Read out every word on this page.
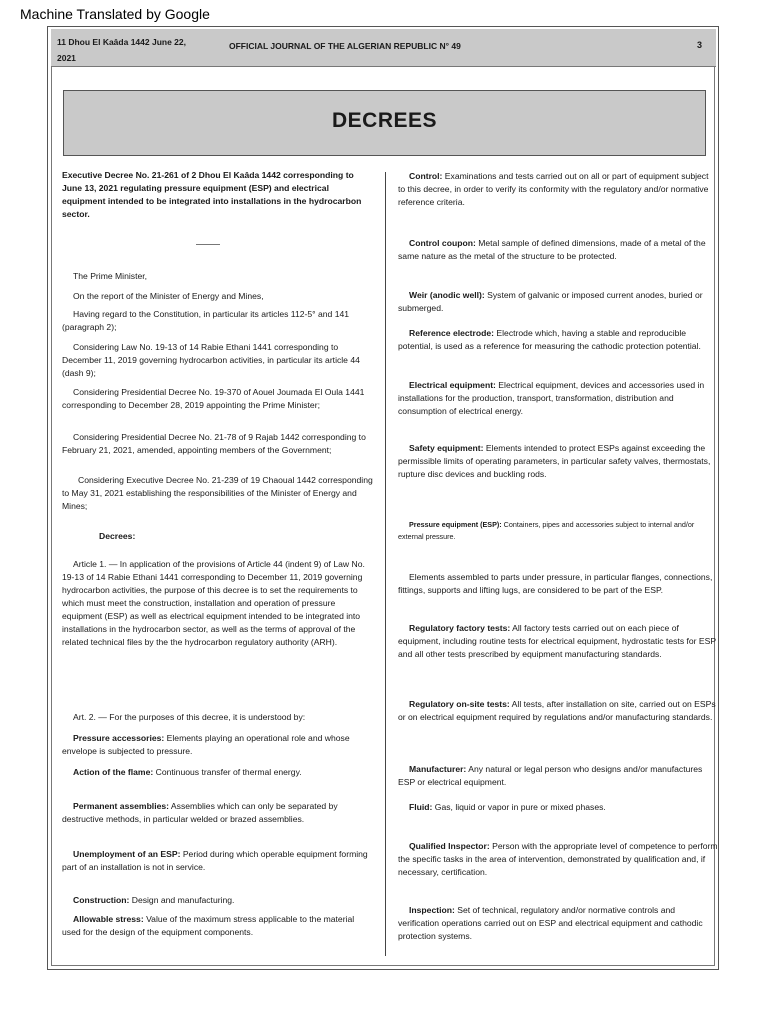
Machine Translated by Google
11 Dhou El Kaâda 1442 June 22, 2021
OFFICIAL JOURNAL OF THE ALGERIAN REPUBLIC N° 49	3
DECREES

Executive Decree No. 21-261 of 2 Dhou El Kaâda 1442 corresponding to June 13, 2021 regulating pressure equipment (ESP) and electrical equipment intended to be integrated into installations in the hydrocarbon sector.

The Prime Minister,

On the report of the Minister of Energy and Mines,

Having regard to the Constitution, in particular its articles 112-5° and 141 (paragraph 2);

Considering Law No. 19-13 of 14 Rabie Ethani 1441 corresponding to December 11, 2019 governing hydrocarbon activities, in particular its article 44 (dash 9);

Considering Presidential Decree No. 19-370 of Aouel Joumada El Oula 1441 corresponding to December 28, 2019 appointing the Prime Minister;

Considering Presidential Decree No. 21-78 of 9 Rajab 1442 corresponding to February 21, 2021, amended, appointing members of the Government;

Considering Executive Decree No. 21-239 of 19 Chaoual 1442 corresponding to May 31, 2021 establishing the responsibilities of the Minister of Energy and Mines;

Decrees:

Article 1. — In application of the provisions of Article 44 (indent 9) of Law No. 19-13 of 14 Rabie Ethani 1441 corresponding to December 11, 2019 governing hydrocarbon activities, the purpose of this decree is to set the requirements to which must meet the construction, installation and operation of pressure equipment (ESP) as well as electrical equipment intended to be integrated into installations in the hydrocarbon sector, as well as the terms of approval of the related technical files by the the hydrocarbon regulatory authority (ARH).

Art. 2. — For the purposes of this decree, it is understood by:

Pressure accessories: Elements playing an operational role and whose envelope is subjected to pressure.

Action of the flame: Continuous transfer of thermal energy.

Permanent assemblies: Assemblies which can only be separated by destructive methods, in particular welded or brazed assemblies.

Unemployment of an ESP: Period during which operable equipment forming part of an installation is not in service.

Construction: Design and manufacturing.

Allowable stress: Value of the maximum stress applicable to the material used for the design of the equipment components.

Control: Examinations and tests carried out on all or part of equipment subject to this decree, in order to verify its conformity with the regulatory and/or normative reference criteria.

Control coupon: Metal sample of defined dimensions, made of a metal of the same nature as the metal of the structure to be protected.

Weir (anodic well): System of galvanic or imposed current anodes, buried or submerged.

Reference electrode: Electrode which, having a stable and reproducible potential, is used as a reference for measuring the cathodic protection potential.

Electrical equipment: Electrical equipment, devices and accessories used in installations for the production, transport, transformation, distribution and consumption of electrical energy.

Safety equipment: Elements intended to protect ESPs against exceeding the permissible limits of operating parameters, in particular safety valves, thermostats, rupture disc devices and buckling rods.

Pressure equipment (ESP): Containers, pipes and accessories subject to internal and/or external pressure.

Elements assembled to parts under pressure, in particular flanges, connections, fittings, supports and lifting lugs, are considered to be part of the ESP.

Regulatory factory tests: All factory tests carried out on each piece of equipment, including routine tests for electrical equipment, hydrostatic tests for ESP and all other tests prescribed by equipment manufacturing standards.

Regulatory on-site tests: All tests, after installation on site, carried out on ESPs or on electrical equipment required by regulations and/or manufacturing standards.

Manufacturer: Any natural or legal person who designs and/or manufactures ESP or electrical equipment.

Fluid: Gas, liquid or vapor in pure or mixed phases.

Qualified Inspector: Person with the appropriate level of competence to perform the specific tasks in the area of intervention, demonstrated by qualification and, if necessary, certification.

Inspection: Set of technical, regulatory and/or normative controls and verification operations carried out on ESP and electrical equipment and cathodic protection systems.
